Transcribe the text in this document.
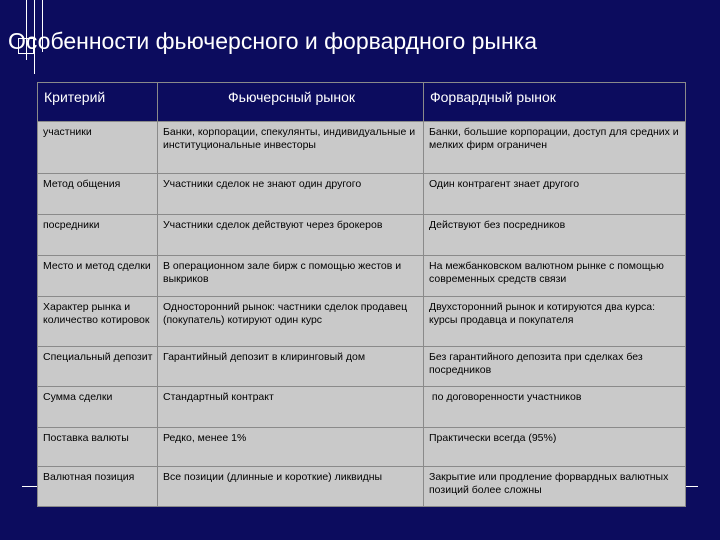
Особенности фьючерсного и форвардного рынка
Критерий	Фьючерсный рынок	Форвардный рынок
участники	Банки, корпорации, спекулянты, индивидуальные и институциональные инвесторы	Банки, большие корпорации, доступ для средних и мелких фирм ограничен
Метод общения	Участники сделок не знают один другого	Один контрагент знает другого
посредники	Участники сделок действуют через брокеров	Действуют без посредников
Место и метод сделки	В операционном зале бирж с помощью жестов и выкриков	На межбанковском валютном рынке с помощью современных средств связи
Характер рынка и количество котировок	Односторонний рынок: частники сделок продавец (покупатель) котируют один курс	Двухсторонний рынок и котируются два курса: курсы продавца и покупателя
Специальный депозит	Гарантийный депозит в клиринговый дом	Без гарантийного депозита при сделках без посредников
Сумма сделки	Стандартный контракт	по договоренности участников
Поставка валюты	Редко, менее 1%	Практически всегда (95%)
Валютная позиция	Все позиции (длинные и короткие) ликвидны	Закрытие или продление форвардных валютных позиций более сложны
